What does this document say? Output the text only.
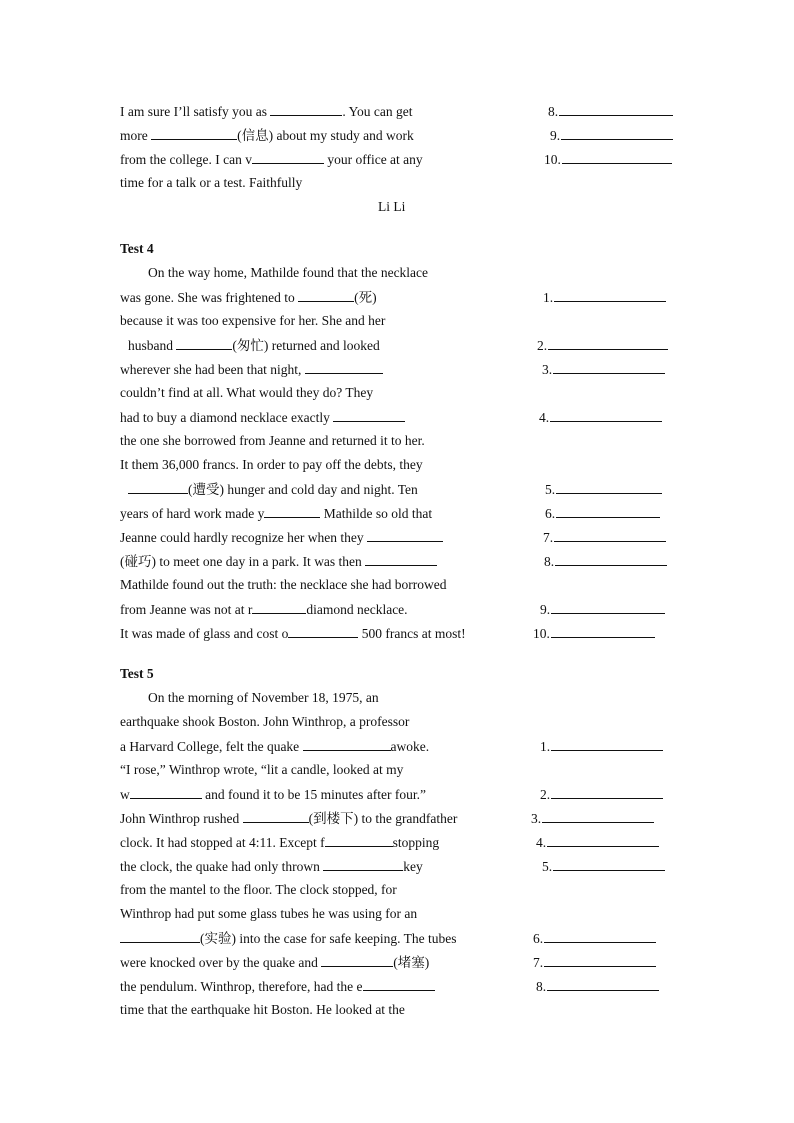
I am sure I’ll satisfy you as	. You can get
more	(信息) about my study and work
from the college. I can v	your office at any
time for a talk or a test. Faithfully
Li Li
8.
9.
10.
Test 4
On the way home, Mathilde found that the necklace
was gone. She was frightened to	(死)
because it was too expensive for her. She and her
husband	(匆忙) returned and looked
wherever she had been that night,
couldn’t find at all. What would they do? They
had to buy a diamond necklace exactly
the one she borrowed from Jeanne and returned it to her.
It them 36,000 francs. In order to pay off the debts, they
(遭受) hunger and cold day and night. Ten
years of hard work made y	Mathilde so old that
Jeanne could hardly recognize her when they
(碰巧) to meet one day in a park. It was then
Mathilde found out the truth: the necklace she had borrowed
from Jeanne was not at r	diamond necklace.
It was made of glass and cost o	500 francs at most!
1.
2.
3.
4.
5.
6.
7.
8.
9.
10.
Test 5
On the morning of November 18, 1975, an
earthquake shook Boston. John Winthrop, a professor
a Harvard College, felt the quake	awoke.
“I rose,” Winthrop wrote, “lit a candle, looked at my
w	and found it to be 15 minutes after four.”
John Winthrop rushed	(到楼下) to the grandfather
clock. It had stopped at 4:11. Except f	stopping
the clock, the quake had only thrown	key
from the mantel to the floor. The clock stopped, for
Winthrop had put some glass tubes he was using for an
(实验) into the case for safe keeping. The tubes
were knocked over by the quake and	(堵塞)
the pendulum. Winthrop, therefore, had the e
time that the earthquake hit Boston. He looked at the
1.
2.
3.
4.
5.
6.
7.
8.
